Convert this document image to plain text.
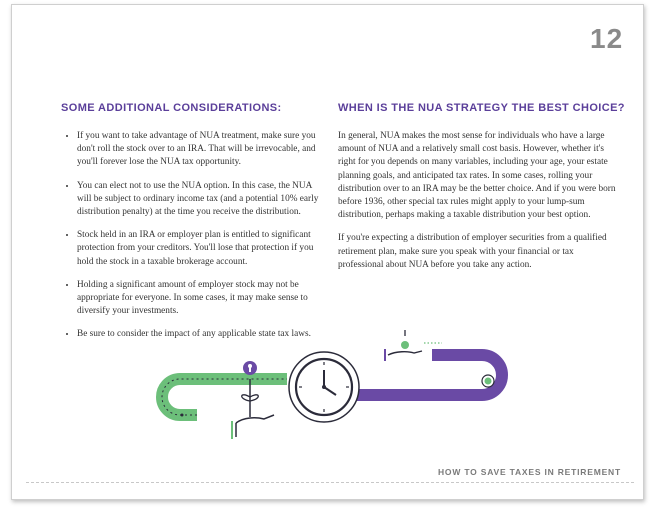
12
SOME ADDITIONAL CONSIDERATIONS:	WHEN IS THE NUA STRATEGY THE BEST CHOICE?
• If you want to take advantage of NUA treatment, make sure you don't roll the stock over to an IRA. That will be irrevocable, and you'll forever lose the NUA tax opportunity.
• You can elect not to use the NUA option. In this case, the NUA will be subject to ordinary income tax (and a potential 10% early distribution penalty) at the time you receive the distribution.
• Stock held in an IRA or employer plan is entitled to significant protection from your creditors. You'll lose that protection if you hold the stock in a taxable brokerage account.
• Holding a significant amount of employer stock may not be appropriate for everyone. In some cases, it may make sense to diversify your investments.
• Be sure to consider the impact of any applicable state tax laws.

In general, NUA makes the most sense for individuals who have a large amount of NUA and a relatively small cost basis. However, whether it's right for you depends on many variables, including your age, your estate planning goals, and anticipated tax rates. In some cases, rolling your distribution over to an IRA may be the better choice. And if you were born before 1936, other special tax rules might apply to your lump-sum distribution, perhaps making a taxable distribution your best option.

If you're expecting a distribution of employer securities from a qualified retirement plan, make sure you speak with your financial or tax professional about NUA before you take any action.

HOW TO SAVE TAXES IN RETIREMENT
